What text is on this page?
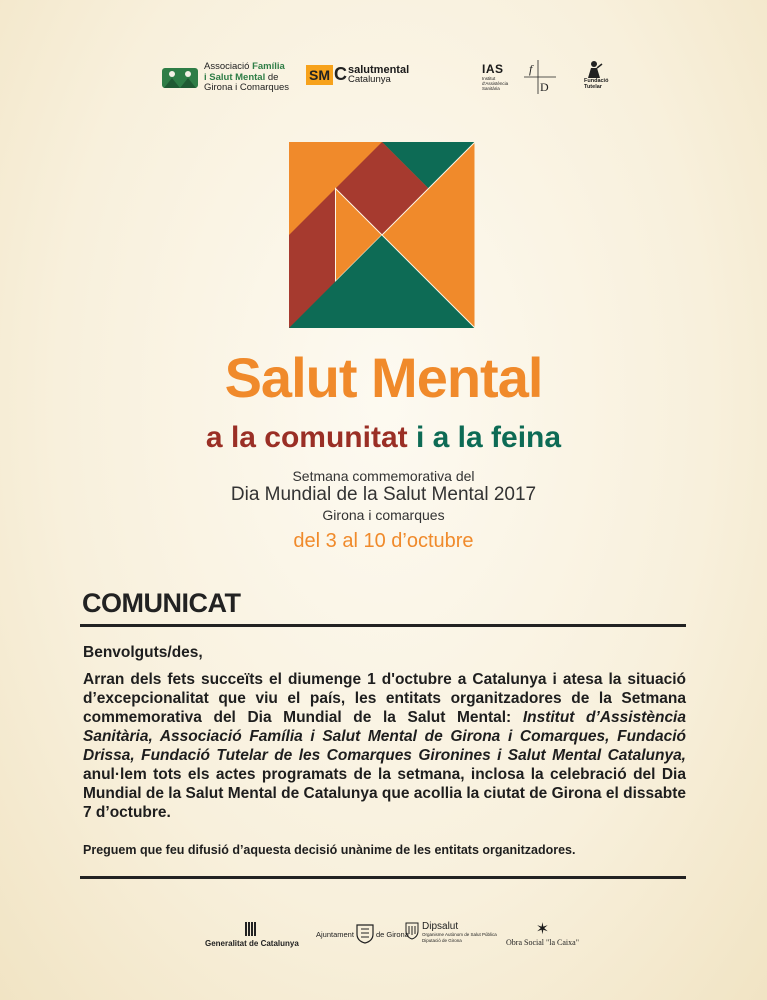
Associació Família
i Salut Mental de
Girona i Comarques
SM C salutmental
Catalunya
IAS
Institut
d'Assistència
Sanitària
f
D	Fundació
Tutelar
Salut Mental
a la comunitat i a la feina
Setmana commemorativa del
Dia Mundial de la Salut Mental 2017
Girona i comarques
del 3 al 10 d’octubre
COMUNICAT
Benvolguts/des,
Arran dels fets succeïts el diumenge 1 d'octubre a Catalunya i atesa la situació d’excepcionalitat que viu el país, les entitats organitzadores de la Setmana commemorativa del Dia Mundial de la Salut Mental: Institut d’Assistència Sanitària, Associació Família i Salut Mental de Girona i Comarques, Fundació Drissa, Fundació Tutelar de les Comarques Gironines i Salut Mental Catalunya, anul·lem tots els actes programats de la setmana, inclosa la celebració del Dia Mundial de la Salut Mental de Catalunya que acollia la ciutat de Girona el dissabte 7 d’octubre.
Preguem que feu difusió d’aquesta decisió unànime de les entitats organitzadores.
Generalitat de Catalunya
Ajuntament	de Girona
Dipsalut
Organisme Autònom de Salut Pública
Diputació de Girona
✶
Obra Social "la Caixa"
